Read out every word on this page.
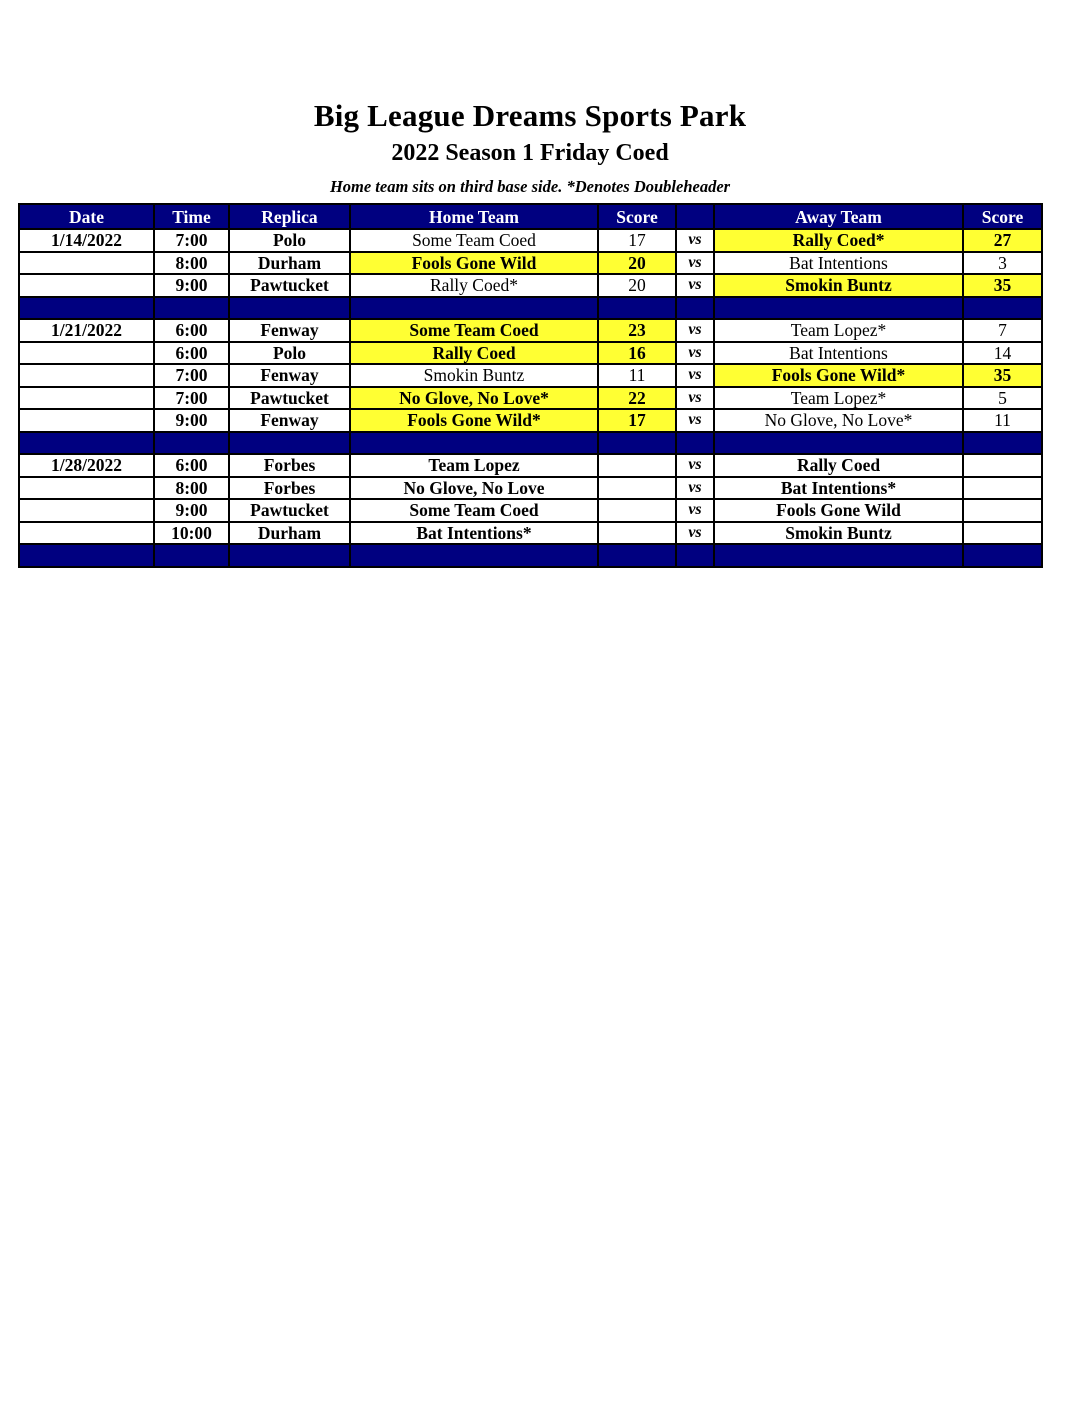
Big League Dreams Sports Park
2022 Season 1 Friday Coed
Home team sits on third base side. *Denotes Doubleheader
Date	Time	Replica	Home Team	Score		Away Team	Score
1/14/2022	7:00	Polo	Some Team Coed	17	vs	Rally Coed*	27
	8:00	Durham	Fools Gone Wild	20	vs	Bat Intentions	3
	9:00	Pawtucket	Rally Coed*	20	vs	Smokin Buntz	35

1/21/2022	6:00	Fenway	Some Team Coed	23	vs	Team Lopez*	7
	6:00	Polo	Rally Coed	16	vs	Bat Intentions	14
	7:00	Fenway	Smokin Buntz	11	vs	Fools Gone Wild*	35
	7:00	Pawtucket	No Glove, No Love*	22	vs	Team Lopez*	5
	9:00	Fenway	Fools Gone Wild*	17	vs	No Glove, No Love*	11

1/28/2022	6:00	Forbes	Team Lopez		vs	Rally Coed	
	8:00	Forbes	No Glove, No Love		vs	Bat Intentions*	
	9:00	Pawtucket	Some Team Coed		vs	Fools Gone Wild	
	10:00	Durham	Bat Intentions*		vs	Smokin Buntz	
